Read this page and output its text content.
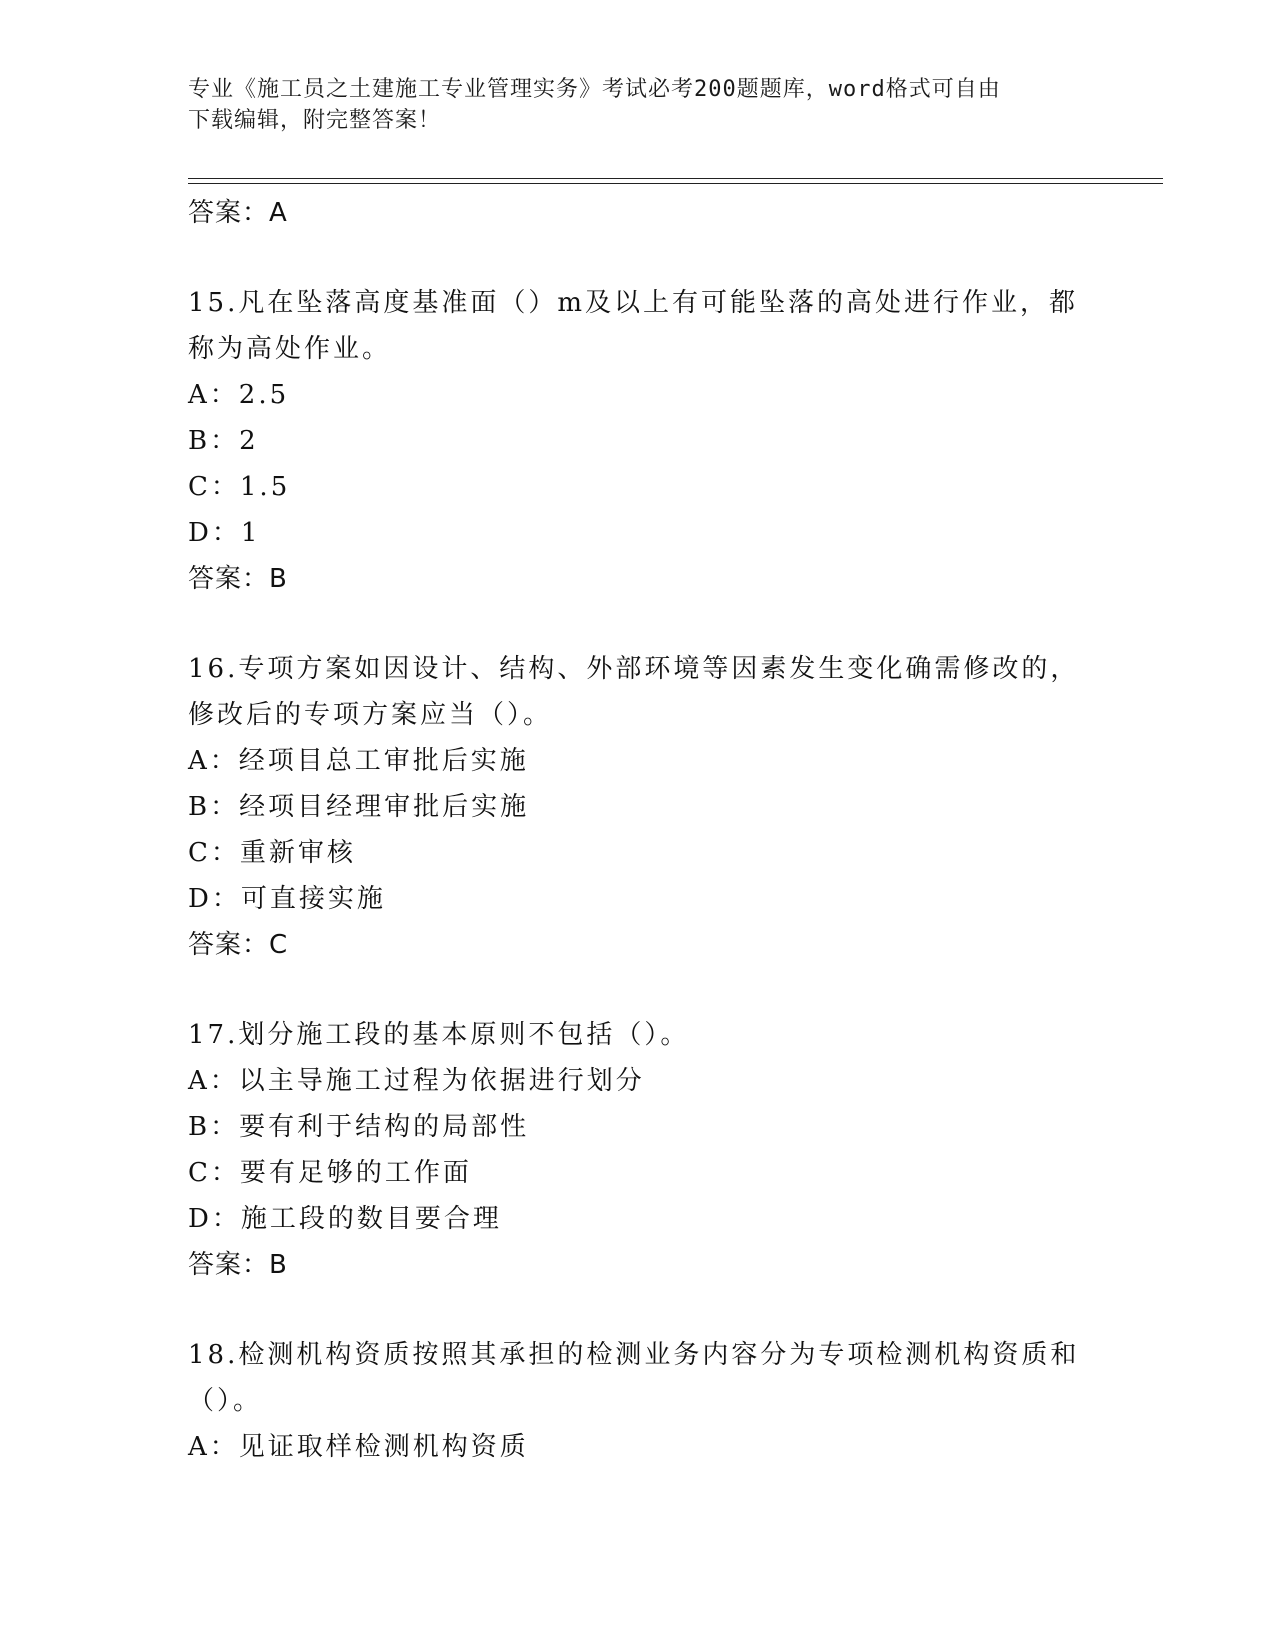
专业《施工员之土建施工专业管理实务》考试必考200题题库，word格式可自由
下载编辑，附完整答案！
答案：A
15.凡在坠落高度基准面（）m及以上有可能坠落的高处进行作业，都
称为高处作业。
A：2.5
B：2
C：1.5
D：1
答案：B
16.专项方案如因设计、结构、外部环境等因素发生变化确需修改的，
修改后的专项方案应当（）。
A：经项目总工审批后实施
B：经项目经理审批后实施
C：重新审核
D：可直接实施
答案：C
17.划分施工段的基本原则不包括（）。
A：以主导施工过程为依据进行划分
B：要有利于结构的局部性
C：要有足够的工作面
D：施工段的数目要合理
答案：B
18.检测机构资质按照其承担的检测业务内容分为专项检测机构资质和
（）。
A：见证取样检测机构资质
